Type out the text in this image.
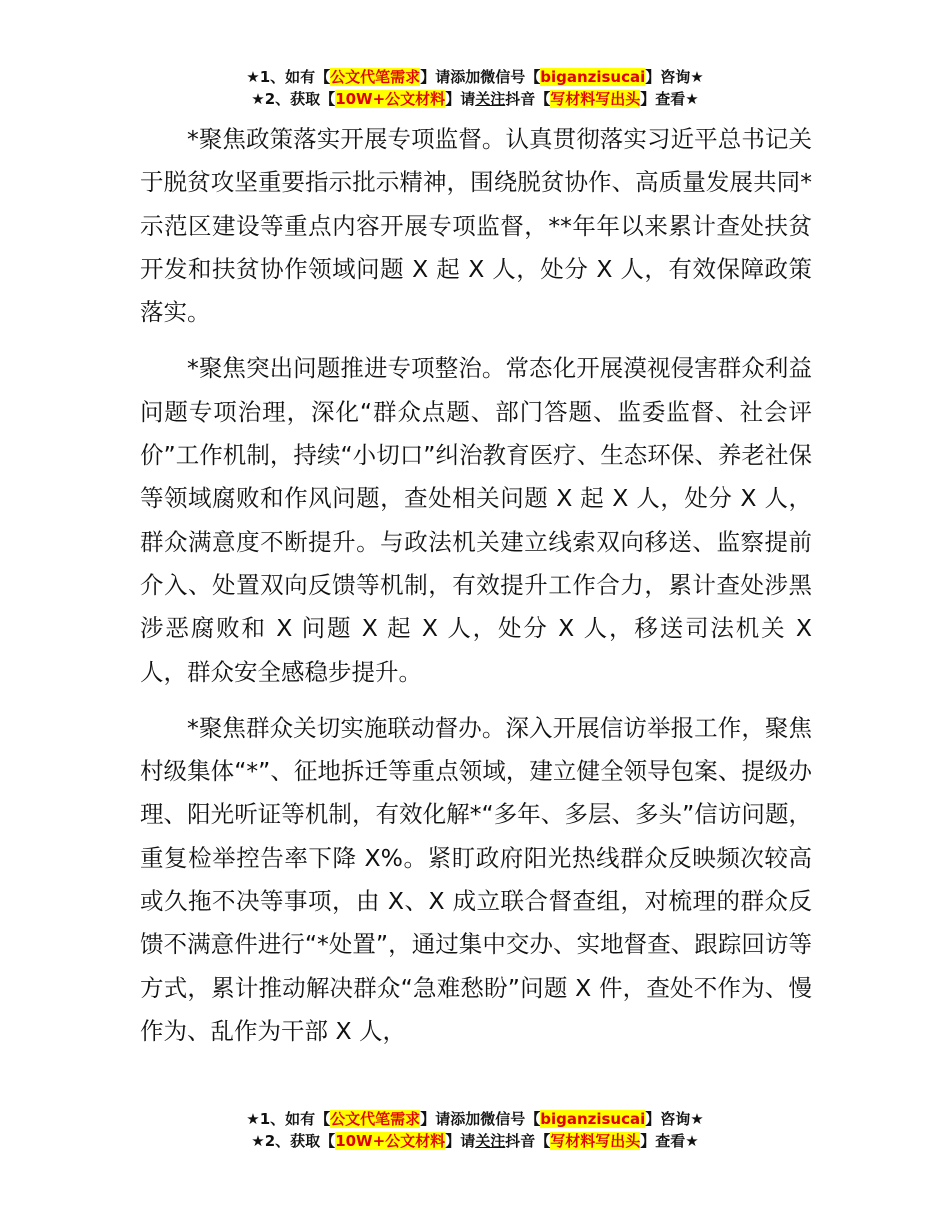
★1、如有【公文代笔需求】请添加微信号【biganzisucai】咨询★
★2、获取【10W+公文材料】请关注抖音【写材料写出头】查看★

*聚焦政策落实开展专项监督。认真贯彻落实习近平总书记关于脱贫攻坚重要指示批示精神，围绕脱贫协作、高质量发展共同*示范区建设等重点内容开展专项监督，**年年以来累计查处扶贫开发和扶贫协作领域问题 X 起 X 人，处分 X 人，有效保障政策落实。

*聚焦突出问题推进专项整治。常态化开展漠视侵害群众利益问题专项治理，深化“群众点题、部门答题、监委监督、社会评价”工作机制，持续“小切口”纠治教育医疗、生态环保、养老社保等领域腐败和作风问题，查处相关问题 X 起 X 人，处分 X 人，群众满意度不断提升。与政法机关建立线索双向移送、监察提前介入、处置双向反馈等机制，有效提升工作合力，累计查处涉黑涉恶腐败和 X 问题 X 起 X 人，处分 X 人，移送司法机关 X 人，群众安全感稳步提升。

*聚焦群众关切实施联动督办。深入开展信访举报工作，聚焦村级集体“*”、征地拆迁等重点领域，建立健全领导包案、提级办理、阳光听证等机制，有效化解*“多年、多层、多头”信访问题，重复检举控告率下降 X%。紧盯政府阳光热线群众反映频次较高或久拖不决等事项，由 X、X 成立联合督查组，对梳理的群众反馈不满意件进行“*处置”，通过集中交办、实地督查、跟踪回访等方式，累计推动解决群众“急难愁盼”问题 X 件，查处不作为、慢作为、乱作为干部 X 人，

★1、如有【公文代笔需求】请添加微信号【biganzisucai】咨询★
★2、获取【10W+公文材料】请关注抖音【写材料写出头】查看★
